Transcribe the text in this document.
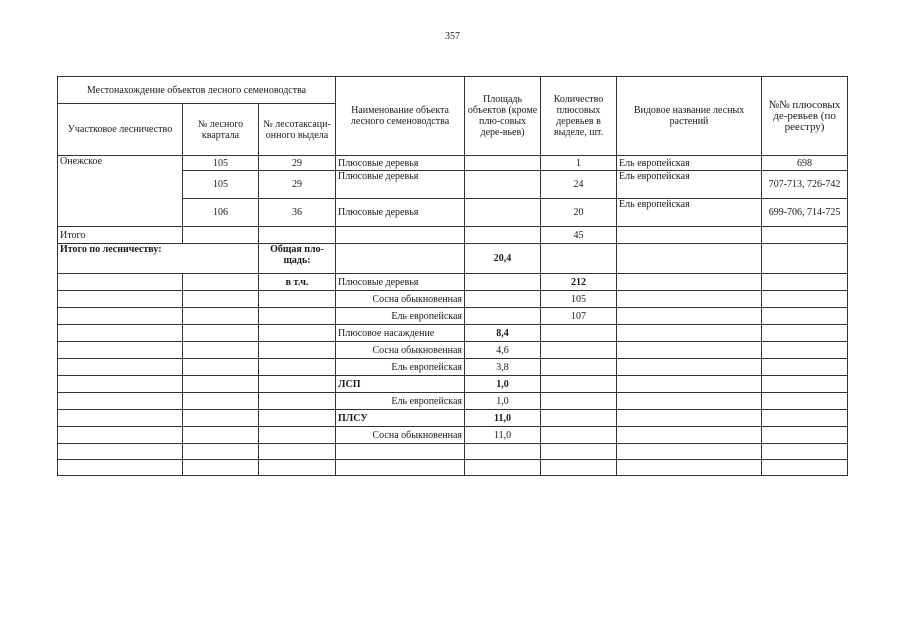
357
Местонахождение объектов лесного семеноводства			Наименование объекта лесного семеноводства	Площадь объектов (кроме плю-совых дере-вьев)	Количество плюсовых деревьев в выделе, шт.	Видовое название лесных растений	№№ плюсовых де-ревьев (по реестру)
Участковое лесничество	№ лесного квартала	№ лесотаксаци-онного выдела					
Онежское	105	29	Плюсовые деревья		1	Ель европейская	698
	105	29	Плюсовые деревья		24	Ель европейская	707-713, 726-742
	106	36	Плюсовые деревья		20	Ель европейская	699-706, 714-725
Итого					45		
Итого по лесничеству:		Общая пло-щадь:		20,4			
		в т.ч.	Плюсовые деревья		212		
			Сосна обыкновенная		105		
			Ель европейская		107		
			Плюсовое насаждение	8,4			
			Сосна обыкновенная	4,6			
			Ель европейская	3,8			
			ЛСП	1,0			
			Ель европейская	1,0			
			ПЛСУ	11,0			
			Сосна обыкновенная	11,0			
